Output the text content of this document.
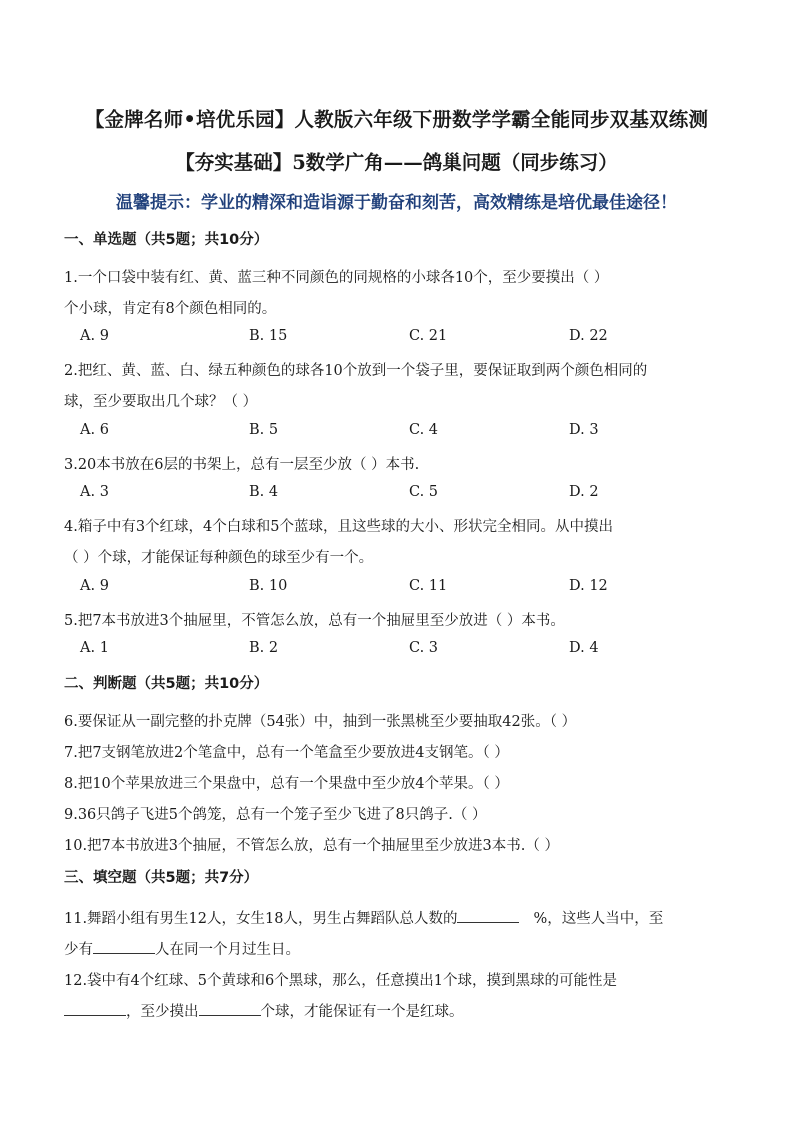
【金牌名师•培优乐园】人教版六年级下册数学学霸全能同步双基双练测
【夯实基础】5数学广角——鸽巢问题（同步练习）
温馨提示：学业的精深和造诣源于勤奋和刻苦，高效精练是培优最佳途径！
一、单选题（共5题；共10分）
1.一个口袋中装有红、黄、蓝三种不同颜色的同规格的小球各10个，至少要摸出（ ）
个小球，肯定有8个颜色相同的。
A. 9	B. 15	C. 21	D. 22
2.把红、黄、蓝、白、绿五种颜色的球各10个放到一个袋子里，要保证取到两个颜色相同的
球，至少要取出几个球？（ ）
A. 6	B. 5	C. 4	D. 3
3.20本书放在6层的书架上，总有一层至少放（ ）本书.
A. 3	B. 4	C. 5	D. 2
4.箱子中有3个红球，4个白球和5个蓝球，且这些球的大小、形状完全相同。从中摸出
（ ）个球，才能保证每种颜色的球至少有一个。
A. 9	B. 10	C. 11	D. 12
5.把7本书放进3个抽屉里，不管怎么放，总有一个抽屉里至少放进（ ）本书。
A. 1	B. 2	C. 3	D. 4
二、判断题（共5题；共10分）
6.要保证从一副完整的扑克牌（54张）中，抽到一张黑桃至少要抽取42张。（ ）
7.把7支钢笔放进2个笔盒中，总有一个笔盒至少要放进4支钢笔。（ ）
8.把10个苹果放进三个果盘中，总有一个果盘中至少放4个苹果。（ ）
9.36只鸽子飞进5个鸽笼，总有一个笼子至少飞进了8只鸽子.（ ）
10.把7本书放进3个抽屉，不管怎么放，总有一个抽屉里至少放进3本书.（ ）
三、填空题（共5题；共7分）
11.舞蹈小组有男生12人，女生18人，男生占舞蹈队总人数的	%，这些人当中，至
少有	人在同一个月过生日。
12.袋中有4个红球、5个黄球和6个黑球，那么，任意摸出1个球，摸到黑球的可能性是
，至少摸出	个球，才能保证有一个是红球。
